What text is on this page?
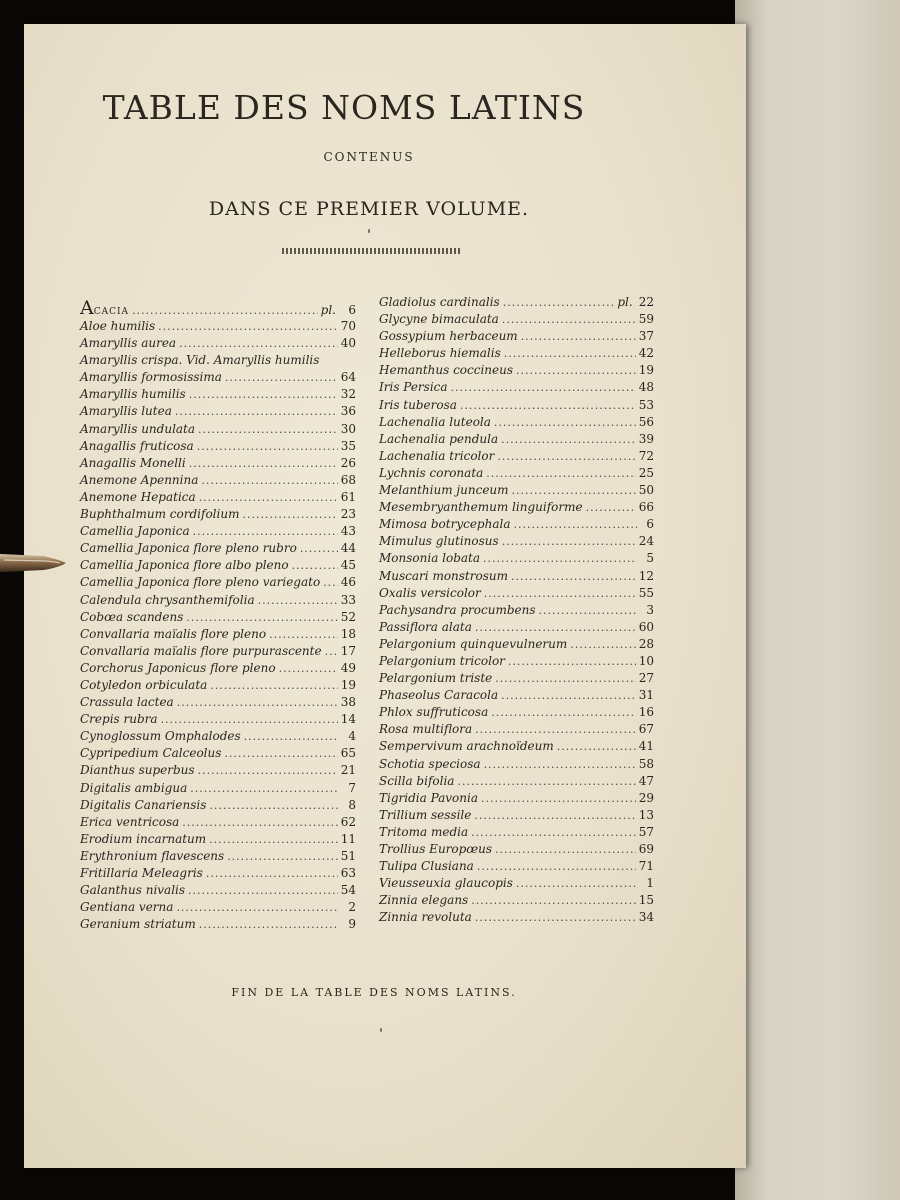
TABLE DES NOMS LATINS
CONTENUS
DANS CE PREMIER VOLUME.
ACACIA .....	pl.	6
Aloe humilis .....	70
Amaryllis aurea .....	40
Amaryllis crispa. Vid. Amaryllis humilis
Amaryllis formosissima .....	64
Amaryllis humilis .....	32
Amaryllis lutea .....	36
Amaryllis undulata .....	30
Anagallis fruticosa .....	35
Anagallis Monelli .....	26
Anemone Apennina .....	68
Anemone Hepatica .....	61
Buphthalmum cordifolium .....	23
Camellia Japonica .....	43
Camellia Japonica flore pleno rubro .....	44
Camellia Japonica flore albo pleno .....	45
Camellia Japonica flore pleno variegato ..... 46
Calendula chrysanthemifolia .....	33
Cobœa scandens .....	52
Convallaria maïalis flore pleno .....	18
Convallaria maïalis flore purpurascente ..... 17
Corchorus Japonicus flore pleno .....	49
Cotyledon orbiculata .....	19
Crassula lactea .....	38
Crepis rubra .....	14
Cynoglossum Omphalodes .....	4
Cypripedium Calceolus .....	65
Dianthus superbus .....	21
Digitalis ambigua .....	7
Digitalis Canariensis .....	8
Erica ventricosa .....	62
Erodium incarnatum .....	11
Erythronium flavescens .....	51
Fritillaria Meleagris .....	63
Galanthus nivalis .....	54
Gentiana verna .....	2
Geranium striatum .....	9
Gladiolus cardinalis .....	pl. 22
Glycyne bimaculata .....	59
Gossypium herbaceum .....	37
Helleborus hiemalis .....	42
Hemanthus coccineus .....	19
Iris Persica .....	48
Iris tuberosa .....	53
Lachenalia luteola .....	56
Lachenalia pendula .....	39
Lachenalia tricolor .....	72
Lychnis coronata .....	25
Melanthium junceum .....	50
Mesembryanthemum linguiforme .....	66
Mimosa botrycephala .....	6
Mimulus glutinosus .....	24
Monsonia lobata .....	5
Muscari monstrosum .....	12
Oxalis versicolor .....	55
Pachysandra procumbens .....	3
Passiflora alata .....	60
Pelargonium quinquevulnerum .....	28
Pelargonium tricolor .....	10
Pelargonium triste .....	27
Phaseolus Caracola .....	31
Phlox suffruticosa .....	16
Rosa multiflora .....	67
Sempervivum arachnoïdeum .....	41
Schotia speciosa .....	58
Scilla bifolia .....	47
Tigridia Pavonia .....	29
Trillium sessile .....	13
Tritoma media .....	57
Trollius Europœus .....	69
Tulipa Clusiana .....	71
Vieusseuxia glaucopis .....	1
Zinnia elegans .....	15
Zinnia revoluta .....	34
FIN DE LA TABLE DES NOMS LATINS.
